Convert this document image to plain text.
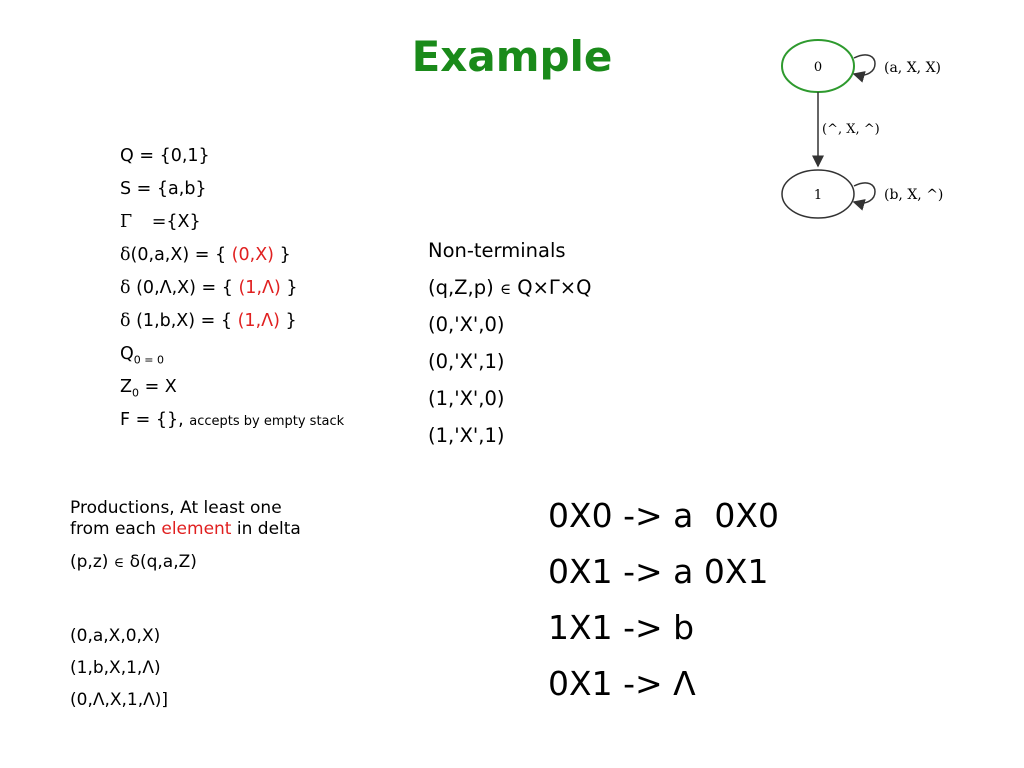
Example	0	(a, X, X)
(^, X, ^)
1	(b, X, ^)
Q = {0,1}
S = {a,b}
Γ ={X}
δ(0,a,X) = { (0,X) }
δ (0,Λ,X) = { (1,Λ) }
δ (1,b,X) = { (1,Λ) }
$Q_{0 = 0}$
$Z_0 = X$
F = {}, accepts by empty stack
Non-terminals
(q,Z,p) ∈ Q×Γ×Q
(0,'X',0)
(0,'X',1)
(1,'X',0)
(1,'X',1)
Productions, At least one
from each element in delta
(p,z) ∈ δ(q,a,Z)
(0,a,X,0,X)
(1,b,X,1,Λ)
(0,Λ,X,1,Λ)]
0X0 -> a  0X0
0X1 -> a 0X1
1X1 -> b
0X1 -> Λ
